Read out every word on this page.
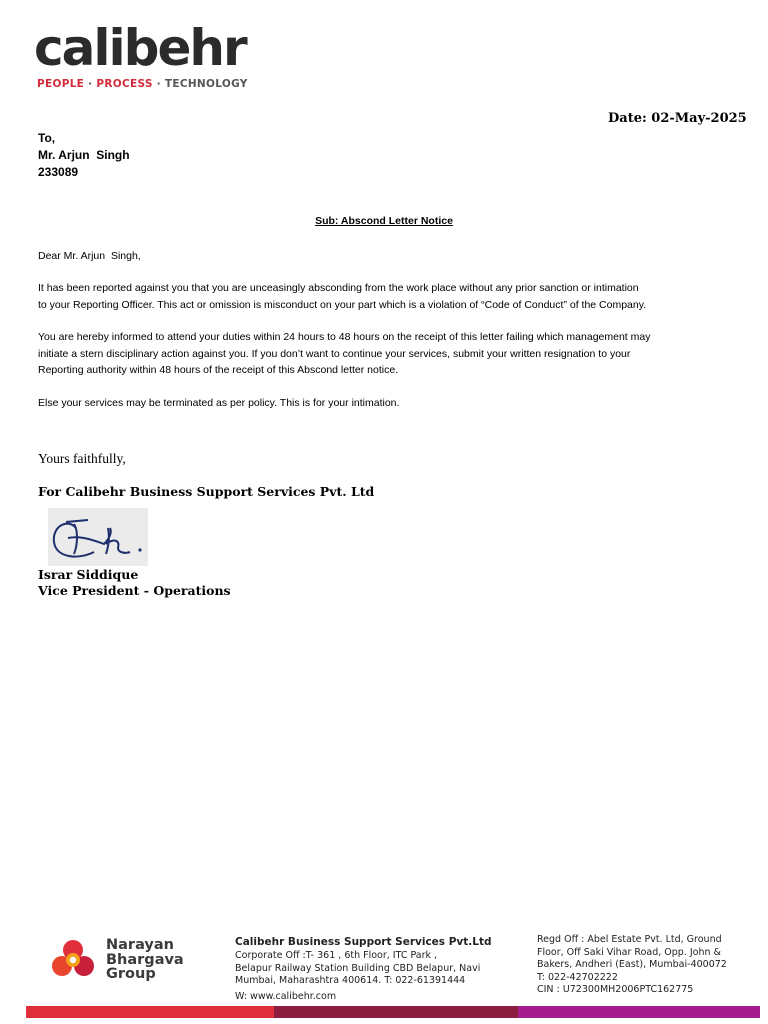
calibehr
PEOPLE · PROCESS · TECHNOLOGY
Date: 02-May-2025
To,
Mr. Arjun  Singh
233089
Sub: Abscond Letter Notice
Dear Mr. Arjun  Singh,
It has been reported against you that you are unceasingly absconding from the work place without any prior sanction or intimation
to your Reporting Officer. This act or omission is misconduct on your part which is a violation of “Code of Conduct” of the Company.
You are hereby informed to attend your duties within 24 hours to 48 hours on the receipt of this letter failing which management may
initiate a stern disciplinary action against you. If you don’t want to continue your services, submit your written resignation to your
Reporting authority within 48 hours of the receipt of this Abscond letter notice.
Else your services may be terminated as per policy. This is for your intimation.
Yours faithfully,
For Calibehr Business Support Services Pvt. Ltd
Israr Siddique
Vice President - Operations
Narayan
Bhargava
Group
Calibehr Business Support Services Pvt.Ltd
Corporate Off :T- 361 , 6th Floor, ITC Park ,
Belapur Railway Station Building CBD Belapur, Navi
Mumbai, Maharashtra 400614. T: 022-61391444
W: www.calibehr.com
Regd Off : Abel Estate Pvt. Ltd, Ground
Floor, Off Saki Vihar Road, Opp. John &
Bakers, Andheri (East), Mumbai-400072
T: 022-42702222
CIN : U72300MH2006PTC162775
